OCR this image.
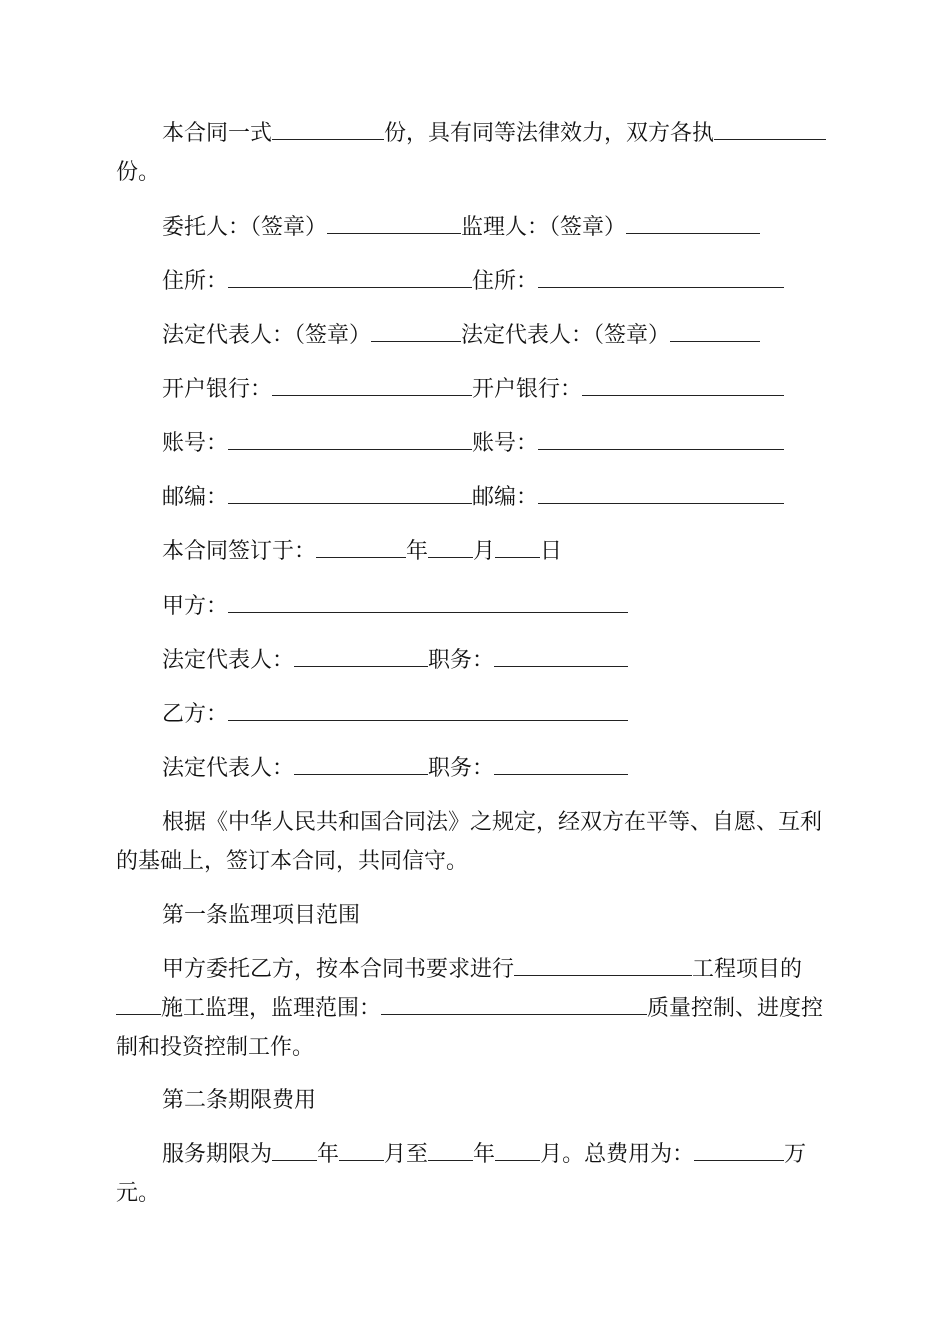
本合同一式	份，具有同等法律效力，双方各执
份。
委托人：（签章）	监理人：（签章）
住所：	住所：
法定代表人：（签章）	法定代表人：（签章）
开户银行：	开户银行：
账号：	账号：
邮编：	邮编：
本合同签订于：	年 月 日
甲方：
法定代表人：	职务：
乙方：
法定代表人：	职务：
根据《中华人民共和国合同法》之规定，经双方在平等、自愿、互利
的基础上，签订本合同，共同信守。
第一条监理项目范围
甲方委托乙方，按本合同书要求进行	工程项目的
施工监理，监理范围：	质量控制、进度控
制和投资控制工作。
第二条期限费用
服务期限为 年 月至 年 月。总费用为：	万
元。
